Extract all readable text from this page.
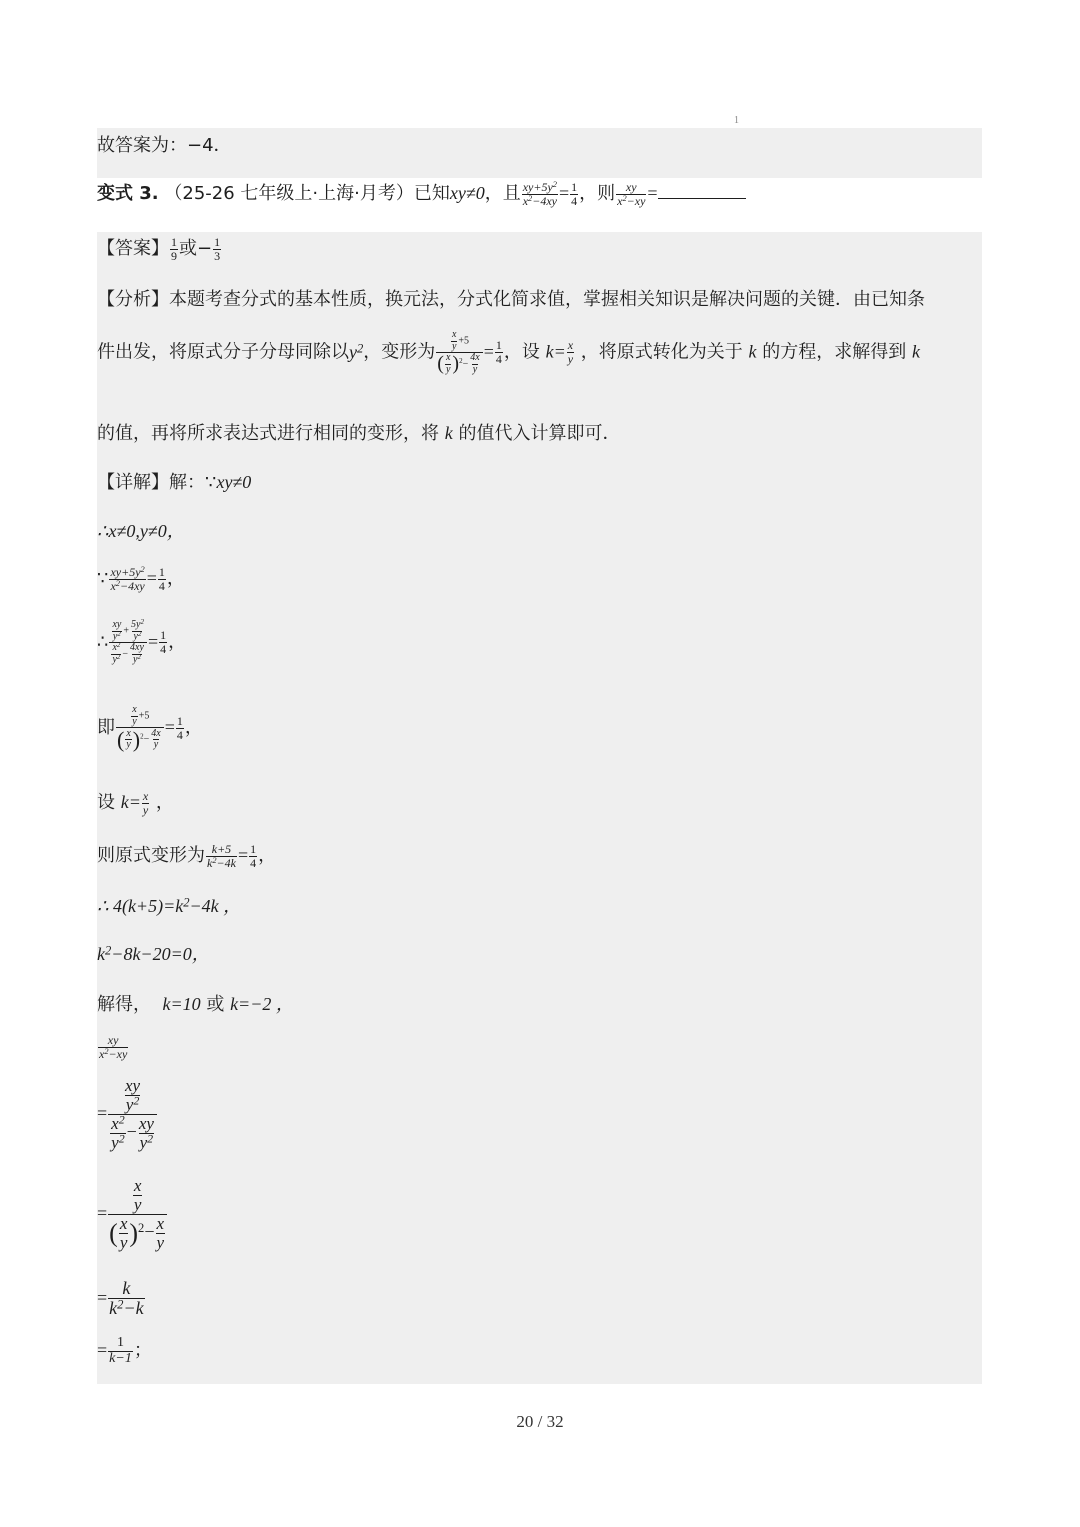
1
故答案为：−4．
变式 3. （25-26 七年级上·上海·月考）已知xy≠0，且 $\frac{xy+5y^2}{x^2-4xy} = \frac{1}{4}$ ，则 $\frac{xy}{x^2-xy}$ =
【答案】 $\frac{1}{9}$ 或− $\frac{1}{3}$
【分析】本题考查分式的基本性质，换元法，分式化简求值，掌握相关知识是解决问题的关键．由已知条
件出发，将原式分子分母同除以$y^2$，变形为 $\frac{\frac{x}{y} +5}{( \frac{x}{y} )^2- \frac{4x}{y}} = \frac{1}{4}$ ，设 $k= \frac{x}{y}$ ，将原式转化为关于 k 的方程，求解得到 k
的值，再将所求表达式进行相同的变形，将 k 的值代入计算即可．
【详解】解：∵xy≠0
∴x≠0,y≠0，
∵ $\frac{xy+5y^2}{x^2-4xy} = \frac{1}{4}$ ，
∴ $\frac{\frac{xy}{y^2} + \frac{5y^2}{y^2}}{\frac{x^2}{y^2} - \frac{4xy}{y^2}} = \frac{1}{4}$ ，
即 $\frac{\frac{x}{y} +5}{( \frac{x}{y} )^2- \frac{4x}{y}} = \frac{1}{4}$ ，
设 $k= \frac{x}{y}$ ，
则原式变形为 $\frac{k+5}{k^2-4k} = \frac{1}{4}$ ，
∴ $4(k+5)=k^2-4k$ ，
$k^2-8k-20=0$，
解得， k=10 或 k=−2 ，
$\frac{xy}{x^2-xy}$
= $\frac{\frac{xy}{y^2}}{\frac{x^2}{y^2} - \frac{xy}{y^2}}$
= $\frac{\frac{x}{y}}{( \frac{x}{y} )^2- \frac{x}{y}}$
= $\frac{k}{k^2-k}$
= $\frac{1}{k-1}$ ；
20 / 32
